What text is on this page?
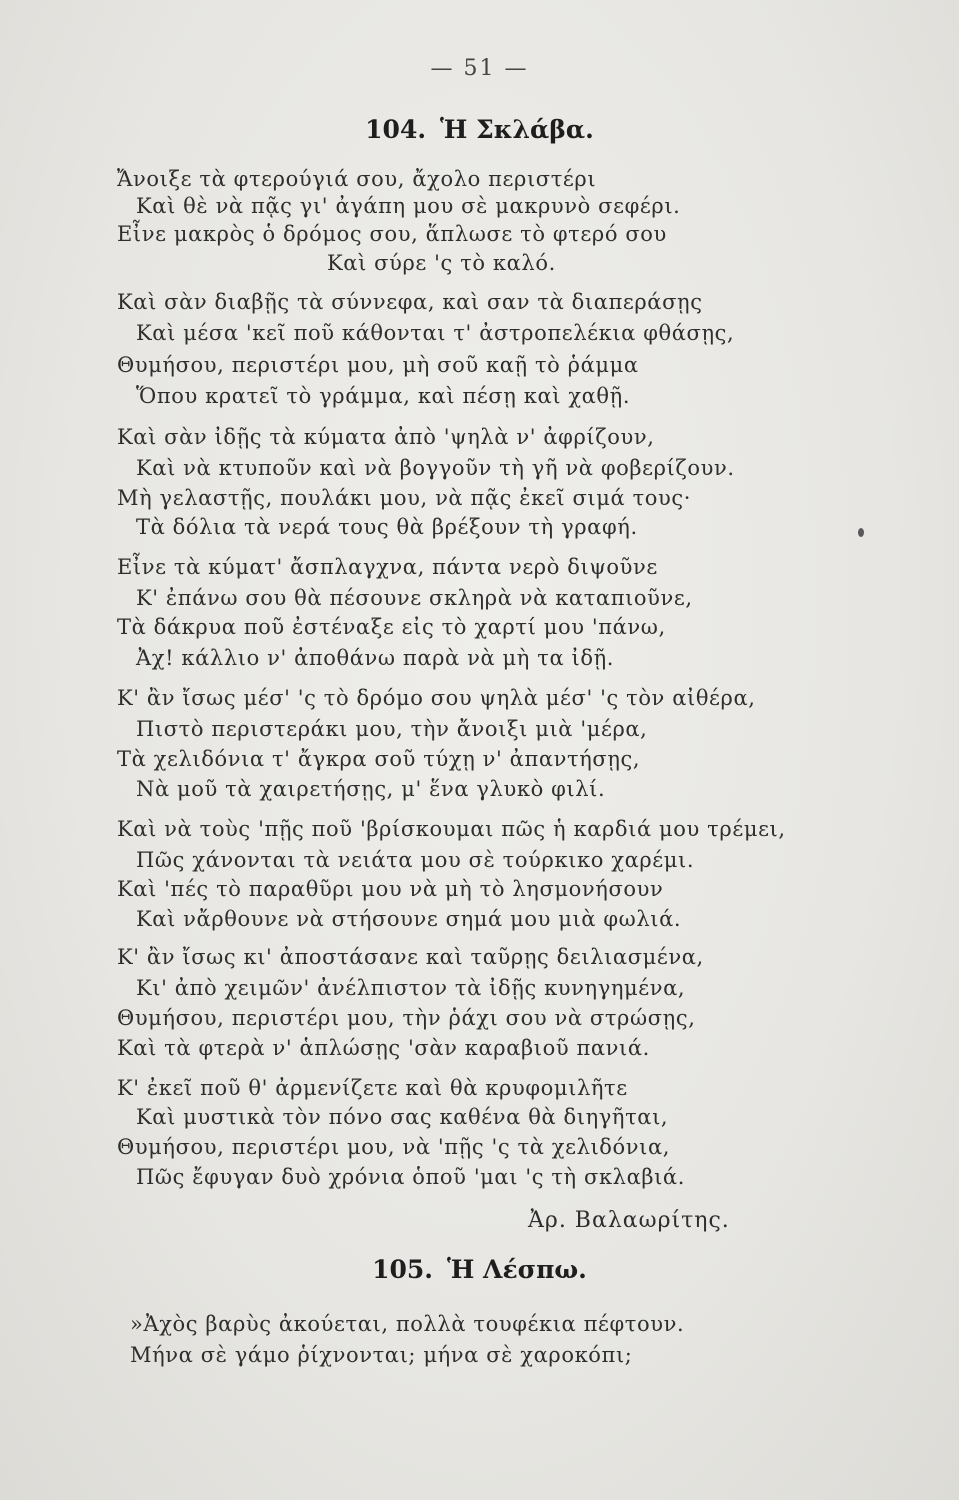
— 51 —
104. Ἡ Σκλάβα.
Ἄνοιξε τὰ φτερούγιά σου, ἄχολο περιστέρι
Καὶ θὲ νὰ πᾷς γι' ἀγάπη μου σὲ μακρυνὸ σεφέρι.
Εἶνε μακρὸς ὁ δρόμος σου, ἅπλωσε τὸ φτερό σου
Καὶ σύρε 'ς τὸ καλό.
Καὶ σὰν διαβῇς τὰ σύννεφα, καὶ σαν τὰ διαπεράσῃς
Καὶ μέσα 'κεῖ ποῦ κάθονται τ' ἀστροπελέκια φθάσῃς,
Θυμήσου, περιστέρι μου, μὴ σοῦ καῇ τὸ ῥάμμα
Ὅπου κρατεῖ τὸ γράμμα, καὶ πέσῃ καὶ χαθῇ.
Καὶ σὰν ἰδῇς τὰ κύματα ἀπὸ 'ψηλὰ ν' ἀφρίζουν,
Καὶ νὰ κτυποῦν καὶ νὰ βογγοῦν τὴ γῆ νὰ φοβερίζουν.
Μὴ γελαστῇς, πουλάκι μου, νὰ πᾷς ἐκεῖ σιμά τους·
Τὰ δόλια τὰ νερά τους θὰ βρέξουν τὴ γραφή.
Εἶνε τὰ κύματ' ἄσπλαγχνα, πάντα νερὸ διψοῦνε
Κ' ἐπάνω σου θὰ πέσουνε σκληρὰ νὰ καταπιοῦνε,
Τὰ δάκρυα ποῦ ἐστέναξε εἰς τὸ χαρτί μου 'πάνω,
Ἀχ! κάλλιο ν' ἀποθάνω παρὰ νὰ μὴ τα ἰδῇ.
Κ' ἂν ἴσως μέσ' 'ς τὸ δρόμο σου ψηλὰ μέσ' 'ς τὸν αἰθέρα,
Πιστὸ περιστεράκι μου, τὴν ἄνοιξι μιὰ 'μέρα,
Τὰ χελιδόνια τ' ἄγκρα σοῦ τύχῃ ν' ἀπαντήσῃς,
Νὰ μοῦ τὰ χαιρετήσῃς, μ' ἕνα γλυκὸ φιλί.
Καὶ νὰ τοὺς 'πῇς ποῦ 'βρίσκουμαι πῶς ἡ καρδιά μου τρέμει,
Πῶς χάνονται τὰ νειάτα μου σὲ τούρκικο χαρέμι.
Καὶ 'πές τὸ παραθῦρι μου νὰ μὴ τὸ λησμονήσουν
Καὶ νἄρθουνε νὰ στήσουνε σημά μου μιὰ φωλιά.
Κ' ἂν ἴσως κι' ἀποστάσανε καὶ ταῦρῃς δειλιασμένα,
Κι' ἀπὸ χειμῶν' ἀνέλπιστον τὰ ἰδῇς κυνηγημένα,
Θυμήσου, περιστέρι μου, τὴν ῥάχι σου νὰ στρώσῃς,
Καὶ τὰ φτερὰ ν' ἁπλώσῃς 'σὰν καραβιοῦ πανιά.
Κ' ἐκεῖ ποῦ θ' ἀρμενίζετε καὶ θὰ κρυφομιλῆτε
Καὶ μυστικὰ τὸν πόνο σας καθένα θὰ διηγῆται,
Θυμήσου, περιστέρι μου, νὰ 'πῇς 'ς τὰ χελιδόνια,
Πῶς ἔφυγαν δυὸ χρόνια ὁποῦ 'μαι 'ς τὴ σκλαβιά.
Ἀρ. Βαλαωρίτης.
105. Ἡ Λέσπω.
»Ἀχὸς βαρὺς ἀκούεται, πολλὰ τουφέκια πέφτουν.
Μήνα σὲ γάμο ῥίχνονται; μήνα σὲ χαροκόπι;
